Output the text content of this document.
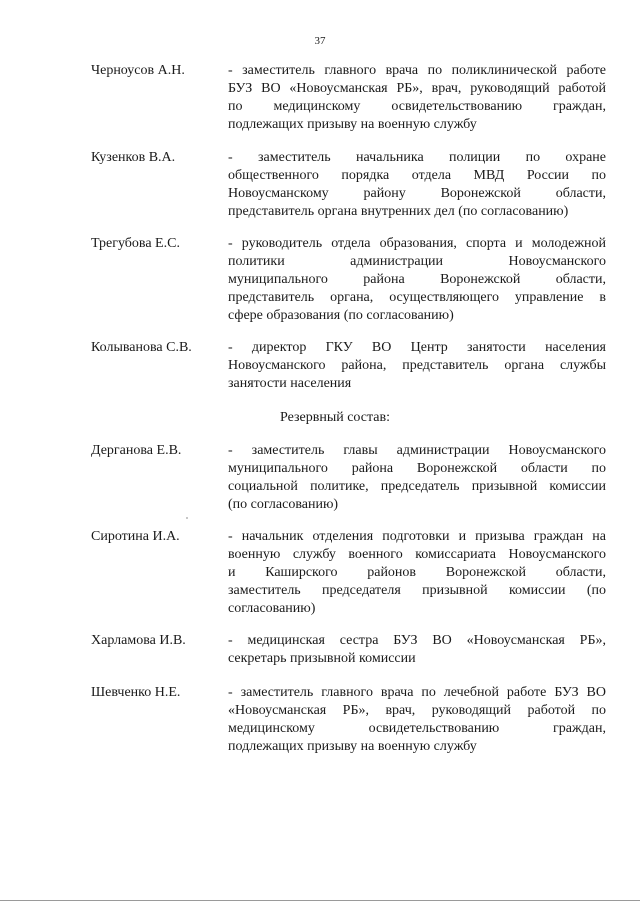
37
Черноусов А.Н.	- заместитель главного врача по поликлинической работе
БУЗ ВО «Новоусманская РБ», врач, руководящий работой
по медицинскому освидетельствованию граждан,
подлежащих призыву на военную службу
Кузенков В.А.	- заместитель начальника полиции по охране
общественного порядка отдела МВД России по
Новоусманскому району Воронежской области,
представитель органа внутренних дел (по согласованию)
Трегубова Е.С.	- руководитель отдела образования, спорта и молодежной
политики администрации Новоусманского
муниципального района Воронежской области,
представитель органа, осуществляющего управление в
сфере образования (по согласованию)
Колыванова С.В.	- директор ГКУ ВО Центр занятости населения
Новоусманского района, представитель органа службы
занятости населения
Резервный состав:
Дерганова Е.В.	- заместитель главы администрации Новоусманского
муниципального района Воронежской области по
социальной политике, председатель призывной комиссии
(по согласованию)
Сиротина И.А.	- начальник отделения подготовки и призыва граждан на
военную службу военного комиссариата Новоусманского
и Каширского районов Воронежской области,
заместитель председателя призывной комиссии (по
согласованию)
Харламова И.В.	- медицинская сестра БУЗ ВО «Новоусманская РБ»,
секретарь призывной комиссии
Шевченко Н.Е.	- заместитель главного врача по лечебной работе БУЗ ВО
«Новоусманская РБ», врач, руководящий работой по
медицинскому освидетельствованию граждан,
подлежащих призыву на военную службу
